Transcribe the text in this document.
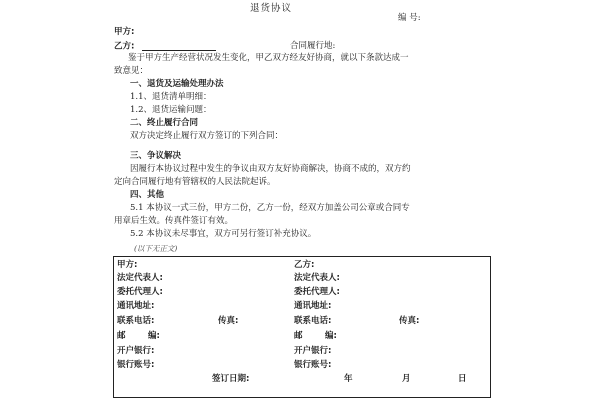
退货协议
编 号:
甲方:
乙方:	合同履行地:
鉴于甲方生产经营状况发生变化，甲乙双方经友好协商，就以下条款达成一
致意见：
一、退货及运输处理办法
1.1、退货清单明细：
1.2、退货运输问题：
二、终止履行合同
双方决定终止履行双方签订的下列合同：
三、争议解决
因履行本协议过程中发生的争议由双方友好协商解决，协商不成的，双方约
定向合同履行地有管辖权的人民法院起诉。
四、其他
5.1 本协议一式三份，甲方二份，乙方一份，经双方加盖公司公章或合同专
用章后生效。传真件签订有效。
5.2 本协议未尽事宜，双方可另行签订补充协议。
(以下无正文)
甲方:	乙方:
法定代表人:	法定代表人:
委托代理人:	委托代理人:
通讯地址:	通讯地址:
联系电话:	传真:	联系电话:	传真:
邮	编:	邮	编:
开户银行:	开户银行:
银行账号:	银行账号:
签订日期:	年	月	日
